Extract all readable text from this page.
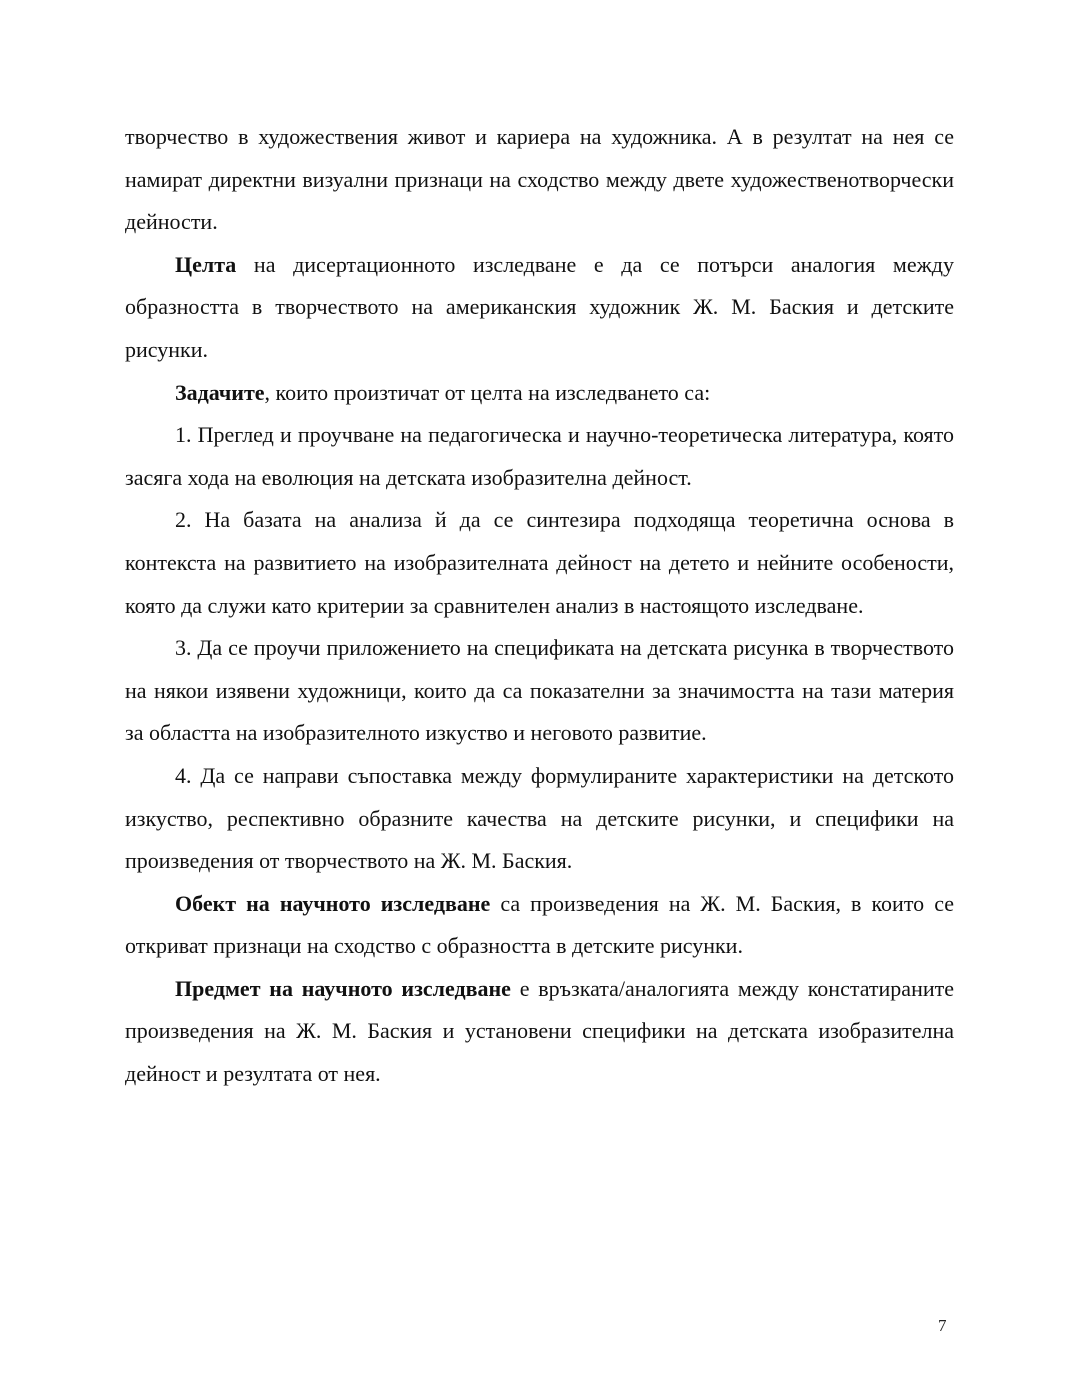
творчество в художествения живот и кариера на художника. А в резултат на нея се намират директни визуални признаци на сходство между двете художественотворчески дейности.

Целта на дисертационното изследване е да се потърси аналогия между образността в творчеството на американския художник Ж. М. Баския и детските рисунки.

Задачите, които произтичат от целта на изследването са:

1. Преглед и проучване на педагогическа и научно-теоретическа литература, която засяга хода на еволюция на детската изобразителна дейност.

2. На базата на анализа й да се синтезира подходяща теоретична основа в контекста на развитието на изобразителната дейност на детето и нейните особености, която да служи като критерии за сравнителен анализ в настоящото изследване.

3. Да се проучи приложението на спецификата на детската рисунка в творчеството на някои изявени художници, които да са показателни за значимостта на тази материя за областта на изобразителното изкуство и неговото развитие.

4. Да се направи съпоставка между формулираните характеристики на детското изкуство, респективно образните качества на детските рисунки, и специфики на произведения от творчеството на Ж. М. Баския.

Обект на научното изследване са произведения на Ж. М. Баския, в които се откриват признаци на сходство с образността в детските рисунки.

Предмет на научното изследване е връзката/аналогията между констатираните произведения на Ж. М. Баския и установени специфики на детската изобразителна дейност и резултата от нея.

7
